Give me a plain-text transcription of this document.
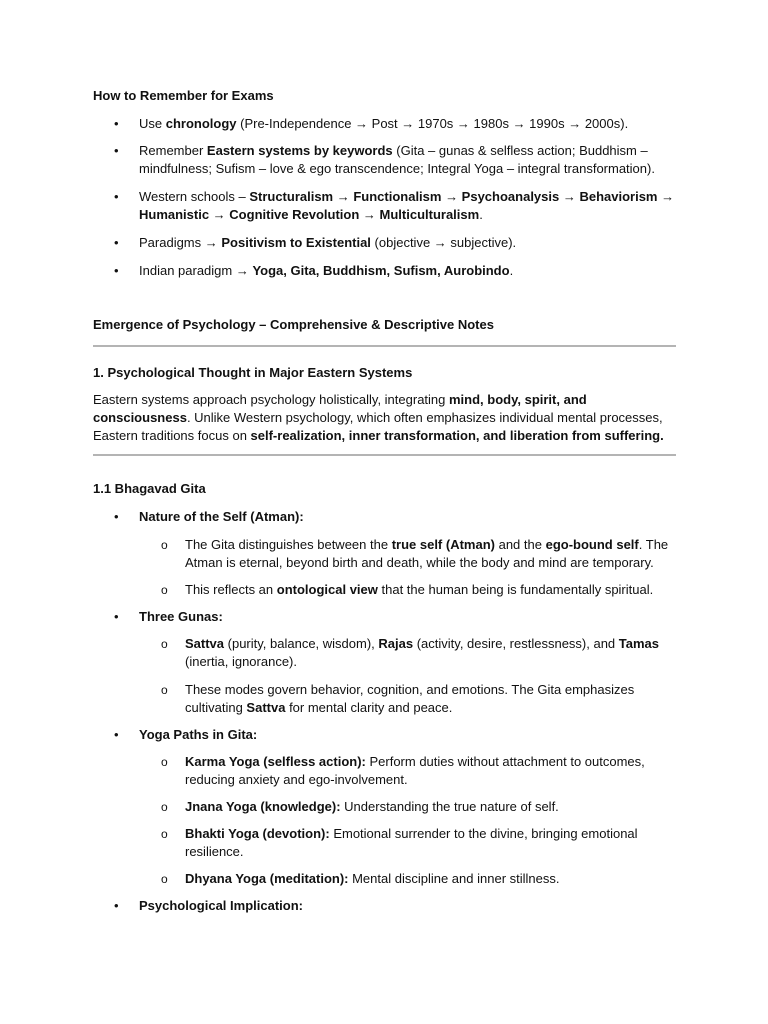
How to Remember for Exams

• Use chronology (Pre-Independence → Post → 1970s → 1980s → 1990s → 2000s).
• Remember Eastern systems by keywords (Gita – gunas & selfless action; Buddhism – mindfulness; Sufism – love & ego transcendence; Integral Yoga – integral transformation).
• Western schools – Structuralism → Functionalism → Psychoanalysis → Behaviorism → Humanistic → Cognitive Revolution → Multiculturalism.
• Paradigms → Positivism to Existential (objective → subjective).
• Indian paradigm → Yoga, Gita, Buddhism, Sufism, Aurobindo.

Emergence of Psychology – Comprehensive & Descriptive Notes

1. Psychological Thought in Major Eastern Systems

Eastern systems approach psychology holistically, integrating mind, body, spirit, and consciousness. Unlike Western psychology, which often emphasizes individual mental processes, Eastern traditions focus on self-realization, inner transformation, and liberation from suffering.

1.1 Bhagavad Gita

• Nature of the Self (Atman):
o The Gita distinguishes between the true self (Atman) and the ego-bound self. The Atman is eternal, beyond birth and death, while the body and mind are temporary.
o This reflects an ontological view that the human being is fundamentally spiritual.
• Three Gunas:
o Sattva (purity, balance, wisdom), Rajas (activity, desire, restlessness), and Tamas (inertia, ignorance).
o These modes govern behavior, cognition, and emotions. The Gita emphasizes cultivating Sattva for mental clarity and peace.
• Yoga Paths in Gita:
o Karma Yoga (selfless action): Perform duties without attachment to outcomes, reducing anxiety and ego-involvement.
o Jnana Yoga (knowledge): Understanding the true nature of self.
o Bhakti Yoga (devotion): Emotional surrender to the divine, bringing emotional resilience.
o Dhyana Yoga (meditation): Mental discipline and inner stillness.
• Psychological Implication:
